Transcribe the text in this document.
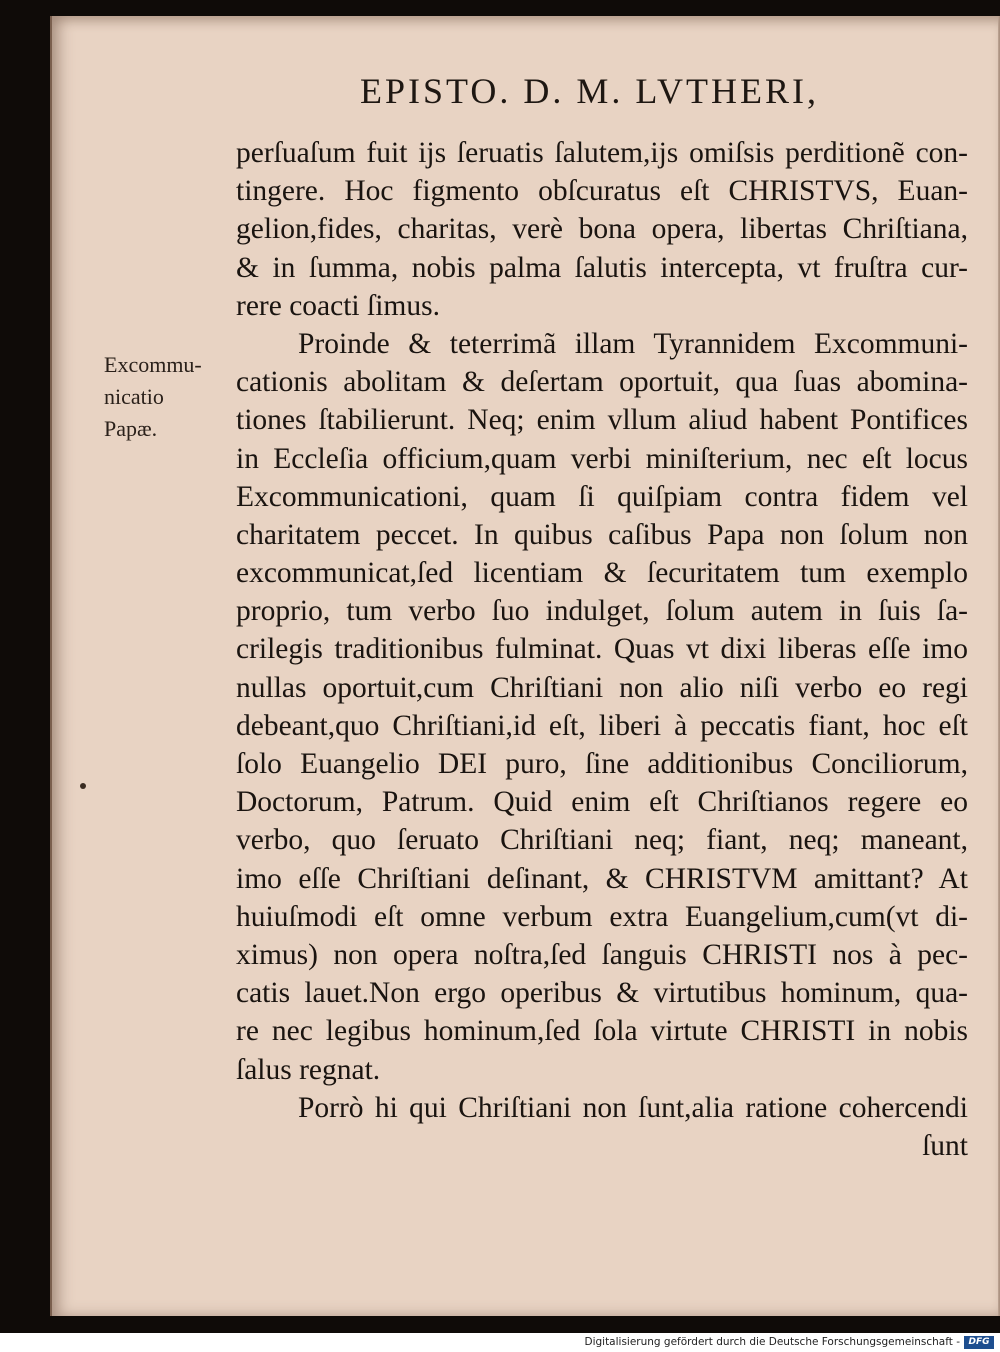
EPISTO. D. M. LVTHERI,
Excommu-
nicatio
Papæ.
perſuaſum fuit ijs ſeruatis ſalutem,ijs omiſsis perditionẽ con-
tingere. Hoc figmento obſcuratus eſt CHRISTVS, Euan-
gelion,fides, charitas, verè bona opera, libertas Chriſtiana,
& in ſumma, nobis palma ſalutis intercepta, vt fruſtra cur-
rere coacti ſimus.
Proinde & teterrimã illam Tyrannidem Excommuni-
cationis abolitam & deſertam oportuit, qua ſuas abomina-
tiones ſtabilierunt. Neq; enim vllum aliud habent Pontifices
in Eccleſia officium,quam verbi miniſterium, nec eſt locus
Excommunicationi, quam ſi quiſpiam contra fidem vel
charitatem peccet. In quibus caſibus Papa non ſolum non
excommunicat,ſed licentiam & ſecuritatem tum exemplo
proprio, tum verbo ſuo indulget, ſolum autem in ſuis ſa-
crilegis traditionibus fulminat. Quas vt dixi liberas eſſe imo
nullas oportuit,cum Chriſtiani non alio niſi verbo eo regi
debeant,quo Chriſtiani,id eſt, liberi à peccatis fiant, hoc eſt
ſolo Euangelio DEI puro, ſine additionibus Conciliorum,
Doctorum, Patrum. Quid enim eſt Chriſtianos regere eo
verbo, quo ſeruato Chriſtiani neq; fiant, neq; maneant,
imo eſſe Chriſtiani deſinant, & CHRISTVM amittant? At
huiuſmodi eſt omne verbum extra Euangelium,cum(vt di-
ximus) non opera noſtra,ſed ſanguis CHRISTI nos à pec-
catis lauet.Non ergo operibus & virtutibus hominum, qua-
re nec legibus hominum,ſed ſola virtute CHRISTI in nobis
ſalus regnat.
Porrò hi qui Chriſtiani non ſunt,alia ratione cohercendi
ſunt
Digitalisierung gefördert durch die Deutsche Forschungsgemeinschaft - DFG
